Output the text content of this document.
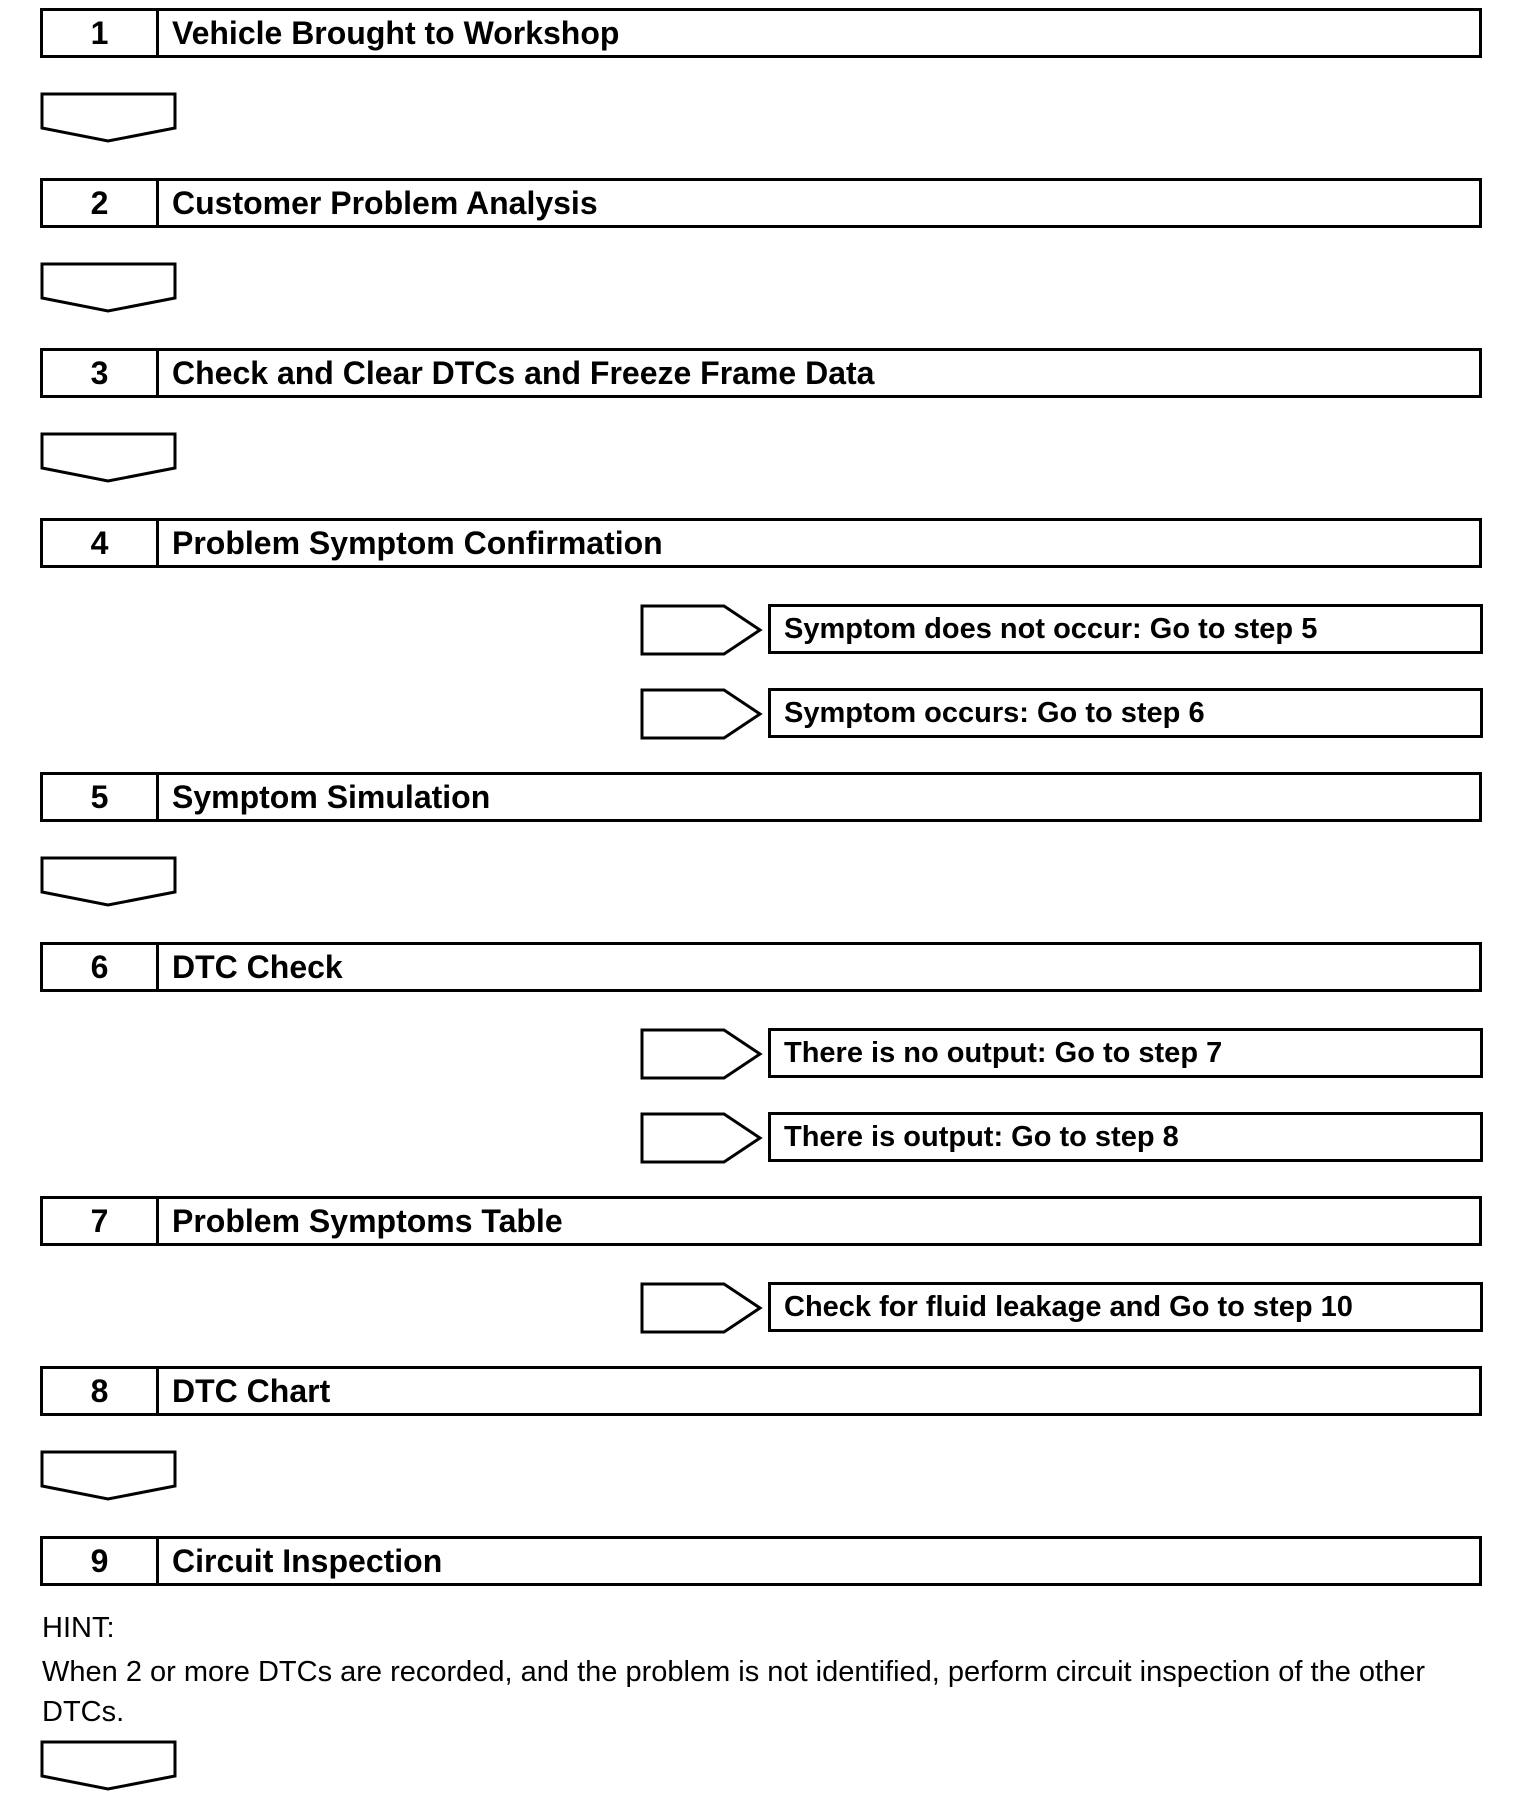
1	Vehicle Brought to Workshop
2	Customer Problem Analysis
3	Check and Clear DTCs and Freeze Frame Data
4	Problem Symptom Confirmation
Symptom does not occur: Go to step 5
Symptom occurs: Go to step 6
5	Symptom Simulation
6	DTC Check
There is no output: Go to step 7
There is output: Go to step 8
7	Problem Symptoms Table
Check for fluid leakage and Go to step 10
8	DTC Chart
9	Circuit Inspection
HINT:
When 2 or more DTCs are recorded, and the problem is not identified, perform circuit inspection of the other DTCs.
